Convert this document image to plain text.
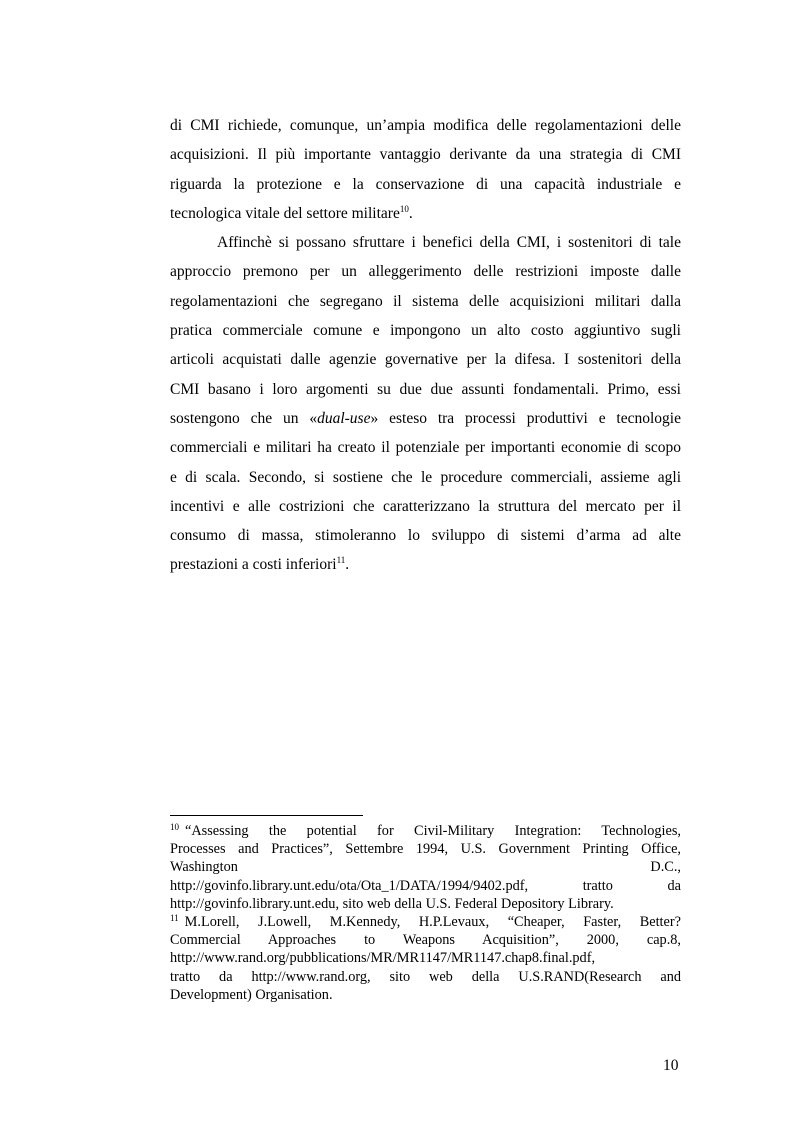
di CMI richiede, comunque, un’ampia modifica delle regolamentazioni delle
acquisizioni. Il più importante vantaggio derivante da una strategia di CMI
riguarda la protezione e la conservazione di una capacità industriale e
tecnologica vitale del settore militare$^{10}$.
Affinchè si possano sfruttare i benefici della CMI, i sostenitori di tale
approccio premono per un alleggerimento delle restrizioni imposte dalle
regolamentazioni che segregano il sistema delle acquisizioni militari dalla
pratica commerciale comune e impongono un alto costo aggiuntivo sugli
articoli acquistati dalle agenzie governative per la difesa. I sostenitori della
CMI basano i loro argomenti su due due assunti fondamentali. Primo, essi
sostengono che un «dual-use» esteso tra processi produttivi e tecnologie
commerciali e militari ha creato il potenziale per importanti economie di scopo
e di scala. Secondo, si sostiene che le procedure commerciali, assieme agli
incentivi e alle costrizioni che caratterizzano la struttura del mercato per il
consumo di massa, stimoleranno lo sviluppo di sistemi d’arma ad alte
prestazioni a costi inferiori$^{11}$.
$^{10}$ “Assessing the potential for Civil-Military Integration: Technologies,
Processes and Practices”, Settembre 1994, U.S. Government Printing Office,
Washington	D.C.,
http://govinfo.library.unt.edu/ota/Ota_1/DATA/1994/9402.pdf,	tratto	da
http://govinfo.library.unt.edu, sito web della U.S. Federal Depository Library.
$^{11}$ M.Lorell, J.Lowell, M.Kennedy, H.P.Levaux, “Cheaper, Faster, Better?
Commercial Approaches to Weapons Acquisition”, 2000, cap.8,
http://www.rand.org/pubblications/MR/MR1147/MR1147.chap8.final.pdf,
tratto da http://www.rand.org, sito web della U.S.RAND(Research and
Development) Organisation.
10
